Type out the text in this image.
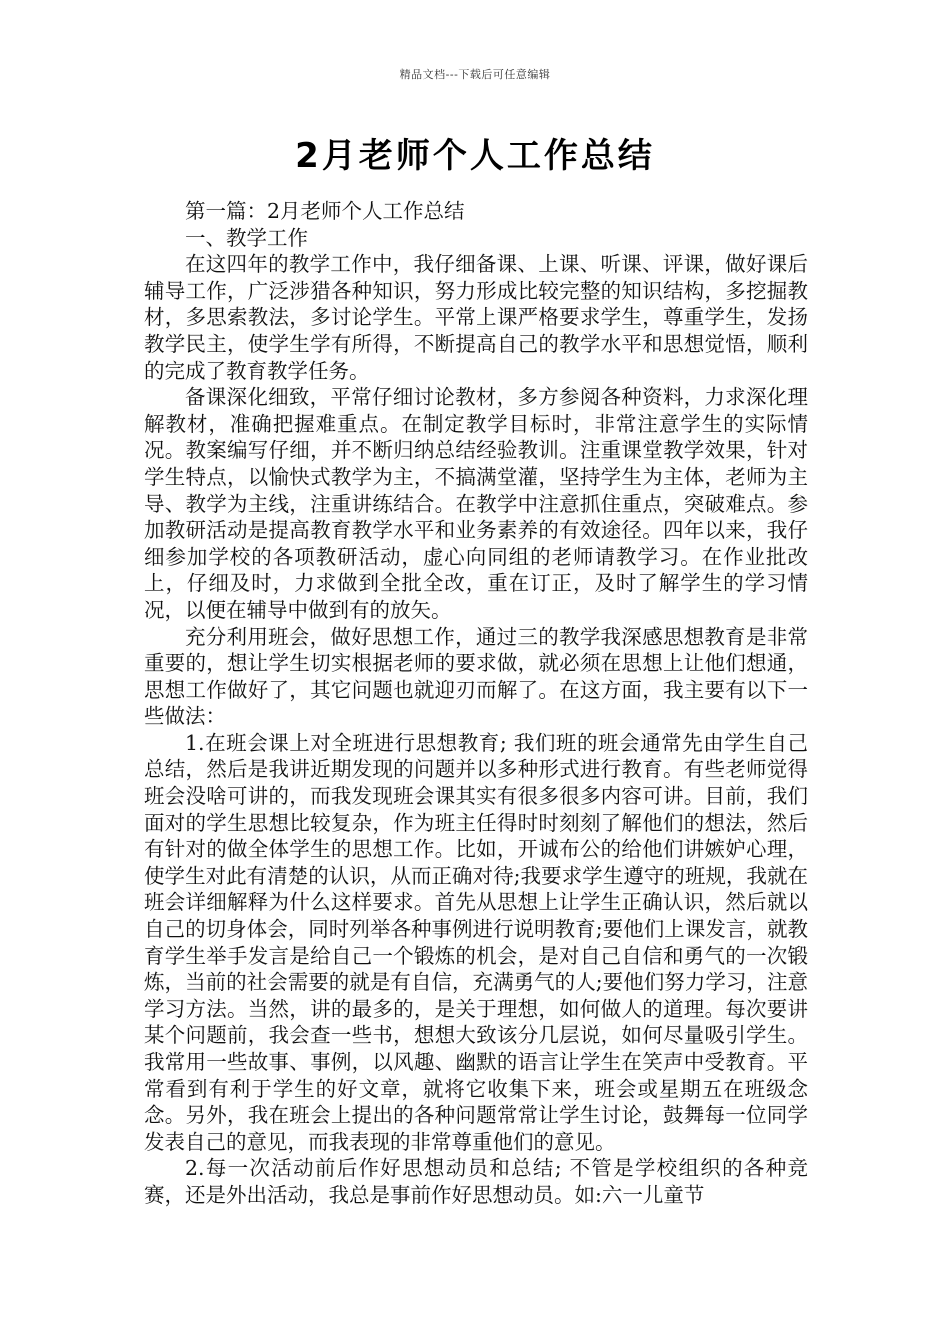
精品文档---下载后可任意编辑
2月老师个人工作总结

第一篇：2月老师个人工作总结

一、教学工作

在这四年的教学工作中，我仔细备课、上课、听课、评课，做好课后辅导工作，广泛涉猎各种知识，努力形成比较完整的知识结构，多挖掘教材，多思索教法，多讨论学生。平常上课严格要求学生，尊重学生，发扬教学民主，使学生学有所得，不断提高自己的教学水平和思想觉悟，顺利的完成了教育教学任务。

备课深化细致，平常仔细讨论教材，多方参阅各种资料，力求深化理解教材，准确把握难重点。在制定教学目标时，非常注意学生的实际情况。教案编写仔细，并不断归纳总结经验教训。注重课堂教学效果，针对学生特点，以愉快式教学为主，不搞满堂灌，坚持学生为主体，老师为主导、教学为主线，注重讲练结合。在教学中注意抓住重点，突破难点。参加教研活动是提高教育教学水平和业务素养的有效途径。四年以来，我仔细参加学校的各项教研活动，虚心向同组的老师请教学习。在作业批改上，仔细及时，力求做到全批全改，重在订正，及时了解学生的学习情况，以便在辅导中做到有的放矢。

充分利用班会，做好思想工作，通过三的教学我深感思想教育是非常重要的，想让学生切实根据老师的要求做，就必须在思想上让他们想通， 思想工作做好了，其它问题也就迎刃而解了。在这方面，我主要有以下一些做法：

1.在班会课上对全班进行思想教育; 我们班的班会通常先由学生自己总结，然后是我讲近期发现的问题并以多种形式进行教育。有些老师觉得班会没啥可讲的，而我发现班会课其实有很多很多内容可讲。目前，我们面对的学生思想比较复杂，作为班主任得时时刻刻了解他们的想法，然后有针对的做全体学生的思想工作。比如，开诚布公的给他们讲嫉妒心理，使学生对此有清楚的认识，从而正确对待;我要求学生遵守的班规，我就在班会详细解释为什么这样要求。首先从思想上让学生正确认识，然后就以自己的切身体会，同时列举各种事例进行说明教育;要他们上课发言，就教育学生举手发言是给自己一个锻炼的机会，是对自己自信和勇气的一次锻炼，当前的社会需要的就是有自信，充满勇气的人;要他们努力学习，注意学习方法。当然，讲的最多的，是关于理想，如何做人的道理。每次要讲某个问题前，我会查一些书，想想大致该分几层说，如何尽量吸引学生。我常用一些故事、事例，以风趣、幽默的语言让学生在笑声中受教育。平常看到有利于学生的好文章，就将它收集下来，班会或星期五在班级念念。另外，我在班会上提出的各种问题常常让学生讨论，鼓舞每一位同学发表自己的意见，而我表现的非常尊重他们的意见。

2.每一次活动前后作好思想动员和总结; 不管是学校组织的各种竞赛，还是外出活动，我总是事前作好思想动员。如:六一儿童节
